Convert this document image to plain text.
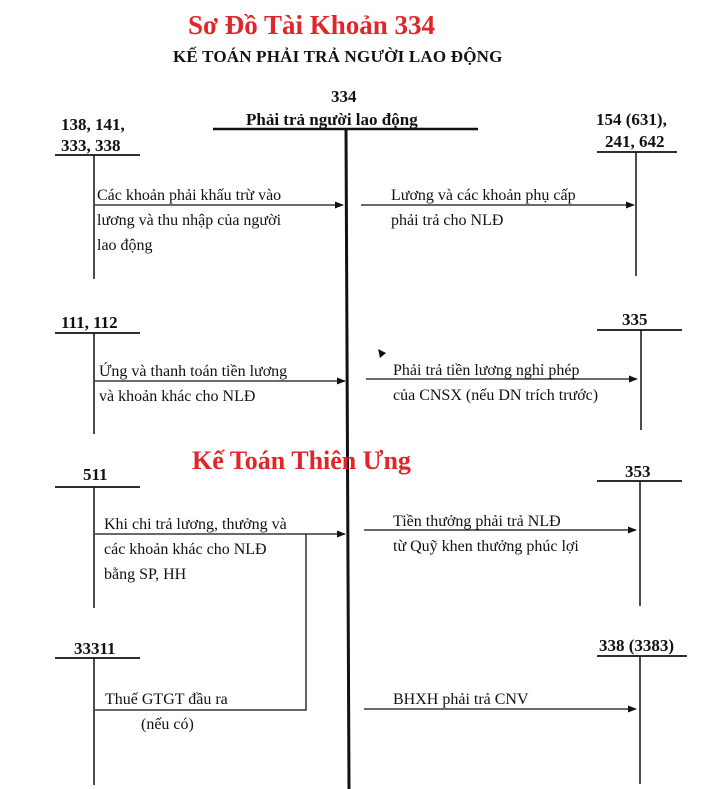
Sơ Đồ Tài Khoản 334
KẾ TOÁN PHẢI TRẢ NGƯỜI LAO ĐỘNG
334
Phải trả người lao động
138, 141,
333, 338
111, 112
511
33311
154 (631),
241, 642
335
353
338 (3383)
Các khoản phải khấu trừ vào
lương và thu nhập của người
lao động
Ứng và thanh toán tiền lương
và khoản khác cho NLĐ
Khi chi trả lương, thưởng và
các khoản khác cho NLĐ
bằng SP, HH
Thuế GTGT đầu ra
(nếu có)
Lương và các khoản phụ cấp
phải trả cho NLĐ
Phải trả tiền lương nghỉ phép
của CNSX (nếu DN trích trước)
Tiền thưởng phải trả NLĐ
từ Quỹ khen thưởng phúc lợi
BHXH phải trả CNV
Kế Toán Thiên Ưng
